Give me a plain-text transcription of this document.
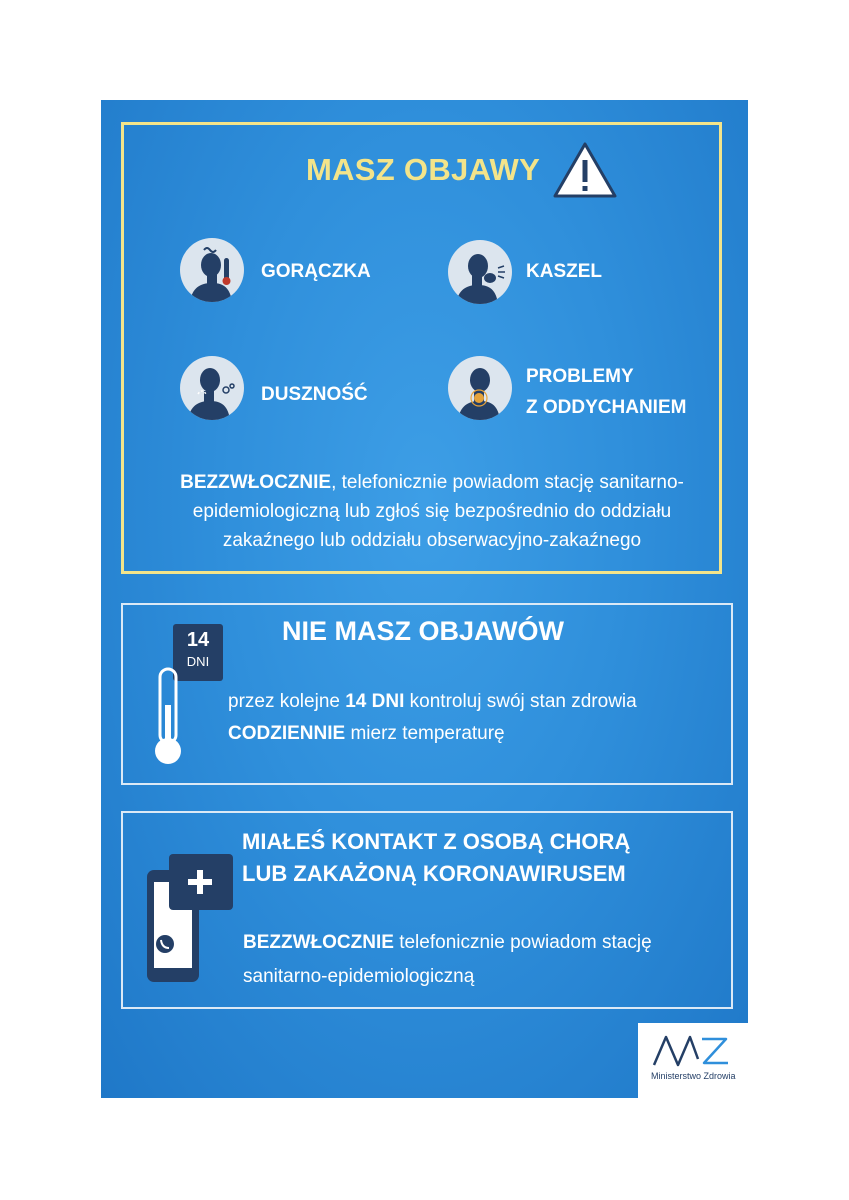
MASZ OBJAWY
GORĄCZKA	KASZEL
DUSZNOŚĆ
PROBLEMY
Z ODDYCHANIEM
BEZZWŁOCZNIE, telefonicznie powiadom stację sanitarno-
epidemiologiczną lub zgłoś się bezpośrednio do oddziału
zakaźnego lub oddziału obserwacyjno-zakaźnego
14
DNI
NIE MASZ OBJAWÓW
przez kolejne 14 DNI kontroluj swój stan zdrowia
CODZIENNIE mierz temperaturę
MIAŁEŚ KONTAKT Z OSOBĄ CHORĄ
LUB ZAKAŻONĄ KORONAWIRUSEM
BEZZWŁOCZNIE telefonicznie powiadom stację
sanitarno-epidemiologiczną
Ministerstwo Zdrowia
